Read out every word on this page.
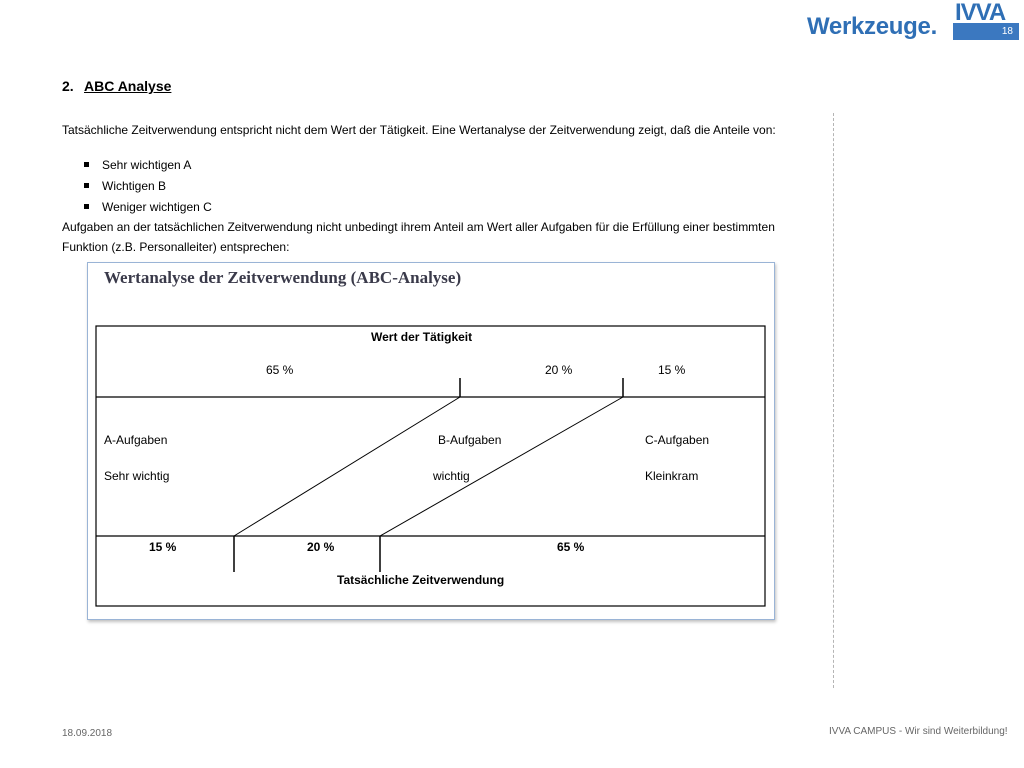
Werkzeuge.
IVVA
18
2. ABC Analyse
Tatsächliche Zeitverwendung entspricht nicht dem Wert der Tätigkeit. Eine Wertanalyse der Zeitverwendung zeigt, daß die Anteile von:
Sehr wichtigen A
Wichtigen B
Weniger wichtigen C
Aufgaben an der tatsächlichen Zeitverwendung nicht unbedingt ihrem Anteil am Wert aller Aufgaben für die Erfüllung einer bestimmten Funktion (z.B. Personalleiter) entsprechen:
Wertanalyse der Zeitverwendung (ABC-Analyse)
Wert der Tätigkeit
65 %	20 %	15 %
A-Aufgaben
Sehr wichtig
B-Aufgaben
wichtig
C-Aufgaben
Kleinkram
15 %	20 %	65 %
Tatsächliche Zeitverwendung
18.09.2018	IVVA CAMPUS - Wir sind Weiterbildung!
